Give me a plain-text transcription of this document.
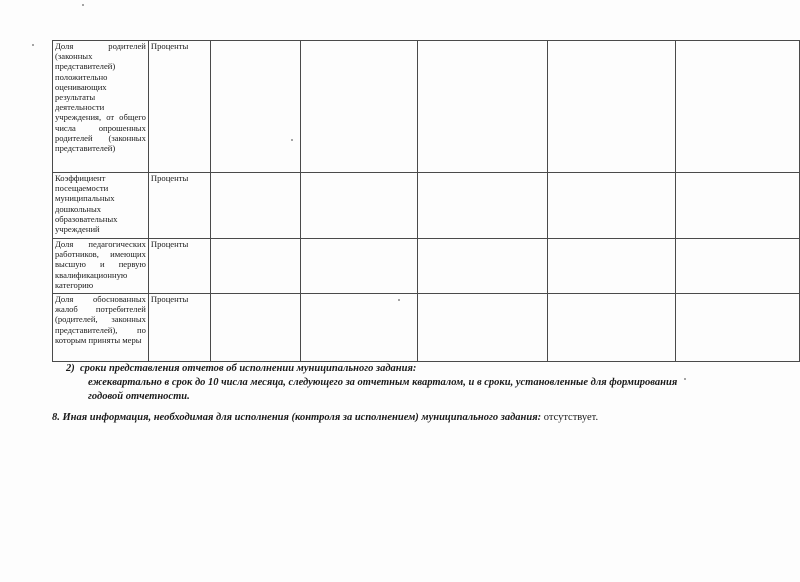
Доля родителей (законных представителей) положительно оценивающих результаты деятельности учреждения, от общего числа опрошенных родителей (законных представителей)	Проценты					
Коэффициент посещаемости муниципальных дошкольных образовательных учреждений	Проценты					
Доля педагогических работников, имеющих высшую и первую квалификационную категорию	Проценты					
Доля обоснованных жалоб потребителей (родителей, законных представителей), по которым приняты меры	Проценты					
2) сроки представления отчетов об исполнении муниципального задания:
ежеквартально в срок до 10 числа месяца, следующего за отчетным кварталом, и в сроки, установленные для формирования
годовой отчетности.
8. Иная информация, необходимая для исполнения (контроля за исполнением) муниципального задания: отсутствует.
